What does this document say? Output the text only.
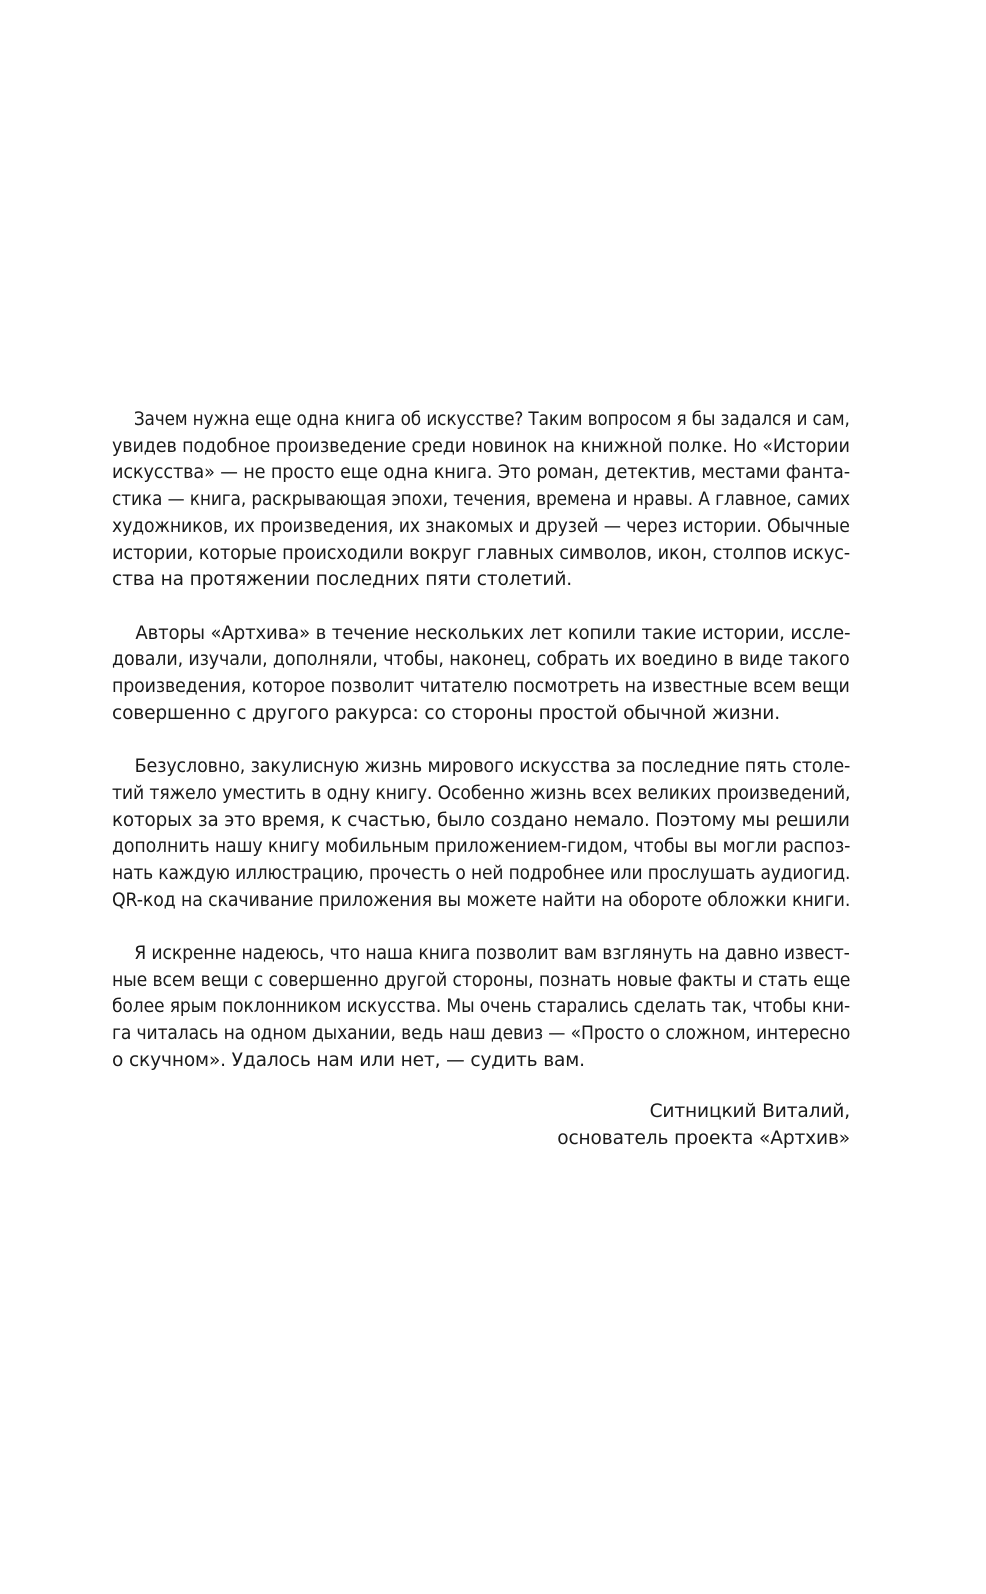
Зачем нужна еще одна книга об искусстве? Таким вопросом я бы задался и сам,
увидев подобное произведение среди новинок на книжной полке. Но «Истории
искусства» — не просто еще одна книга. Это роман, детектив, местами фанта-
стика — книга, раскрывающая эпохи, течения, времена и нравы. А главное, самих
художников, их произведения, их знакомых и друзей — через истории. Обычные
истории, которые происходили вокруг главных символов, икон, столпов искус-
ства на протяжении последних пяти столетий.

Авторы «Артхива» в течение нескольких лет копили такие истории, иссле-
довали, изучали, дополняли, чтобы, наконец, собрать их воедино в виде такого
произведения, которое позволит читателю посмотреть на известные всем вещи
совершенно с другого ракурса: со стороны простой обычной жизни.

Безусловно, закулисную жизнь мирового искусства за последние пять столе-
тий тяжело уместить в одну книгу. Особенно жизнь всех великих произведений,
которых за это время, к счастью, было создано немало. Поэтому мы решили
дополнить нашу книгу мобильным приложением-гидом, чтобы вы могли распоз-
нать каждую иллюстрацию, прочесть о ней подробнее или прослушать аудиогид.
QR-код на скачивание приложения вы можете найти на обороте обложки книги.

Я искренне надеюсь, что наша книга позволит вам взглянуть на давно извест-
ные всем вещи с совершенно другой стороны, познать новые факты и стать еще
более ярым поклонником искусства. Мы очень старались сделать так, чтобы кни-
га читалась на одном дыхании, ведь наш девиз — «Просто о сложном, интересно
о скучном». Удалось нам или нет, — судить вам.

Ситницкий Виталий,
основатель проекта «Артхив»
